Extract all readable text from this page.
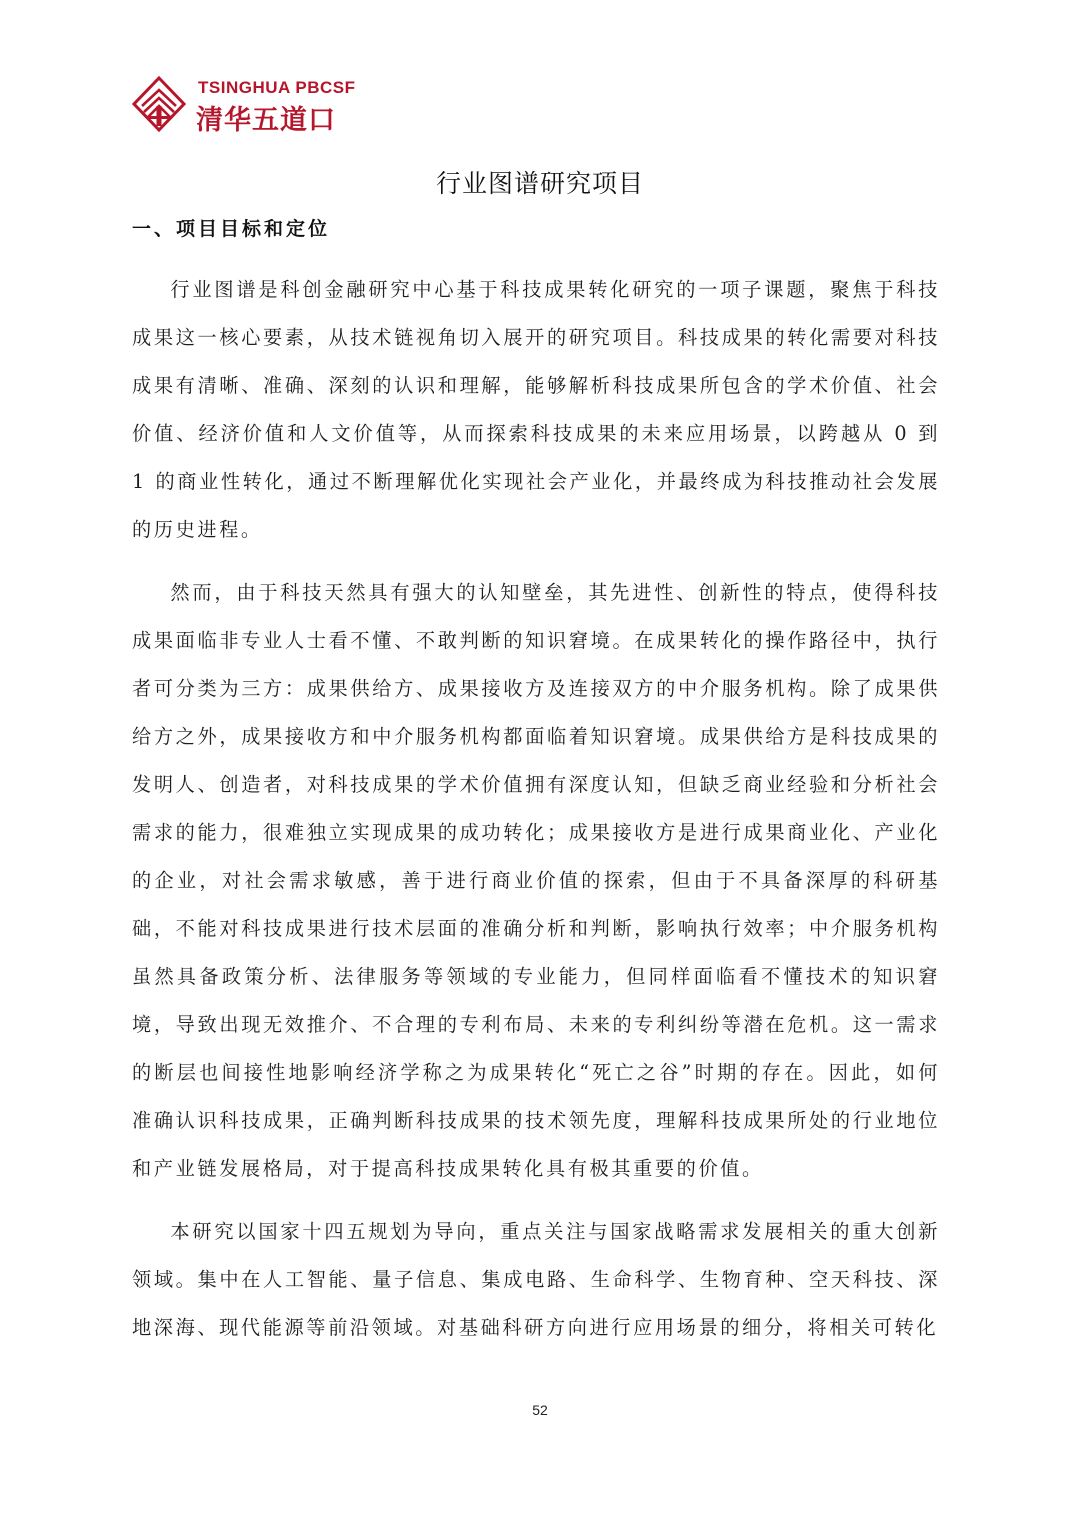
TSINGHUA PBCSF
清华五道口
行业图谱研究项目
一、项目目标和定位

行业图谱是科创金融研究中心基于科技成果转化研究的一项子课题，聚焦于科技成果这一核心要素，从技术链视角切入展开的研究项目。科技成果的转化需要对科技成果有清晰、准确、深刻的认识和理解，能够解析科技成果所包含的学术价值、社会价值、经济价值和人文价值等，从而探索科技成果的未来应用场景，以跨越从 0 到 1 的商业性转化，通过不断理解优化实现社会产业化，并最终成为科技推动社会发展的历史进程。

然而，由于科技天然具有强大的认知壁垒，其先进性、创新性的特点，使得科技成果面临非专业人士看不懂、不敢判断的知识窘境。在成果转化的操作路径中，执行者可分类为三方：成果供给方、成果接收方及连接双方的中介服务机构。除了成果供给方之外，成果接收方和中介服务机构都面临着知识窘境。成果供给方是科技成果的发明人、创造者，对科技成果的学术价值拥有深度认知，但缺乏商业经验和分析社会需求的能力，很难独立实现成果的成功转化；成果接收方是进行成果商业化、产业化的企业，对社会需求敏感，善于进行商业价值的探索，但由于不具备深厚的科研基础，不能对科技成果进行技术层面的准确分析和判断，影响执行效率；中介服务机构虽然具备政策分析、法律服务等领域的专业能力，但同样面临看不懂技术的知识窘境，导致出现无效推介、不合理的专利布局、未来的专利纠纷等潜在危机。这一需求的断层也间接性地影响经济学称之为成果转化“死亡之谷”时期的存在。因此，如何准确认识科技成果，正确判断科技成果的技术领先度，理解科技成果所处的行业地位和产业链发展格局，对于提高科技成果转化具有极其重要的价值。

本研究以国家十四五规划为导向，重点关注与国家战略需求发展相关的重大创新领域。集中在人工智能、量子信息、集成电路、生命科学、生物育种、空天科技、深地深海、现代能源等前沿领域。对基础科研方向进行应用场景的细分，将相关可转化

52
